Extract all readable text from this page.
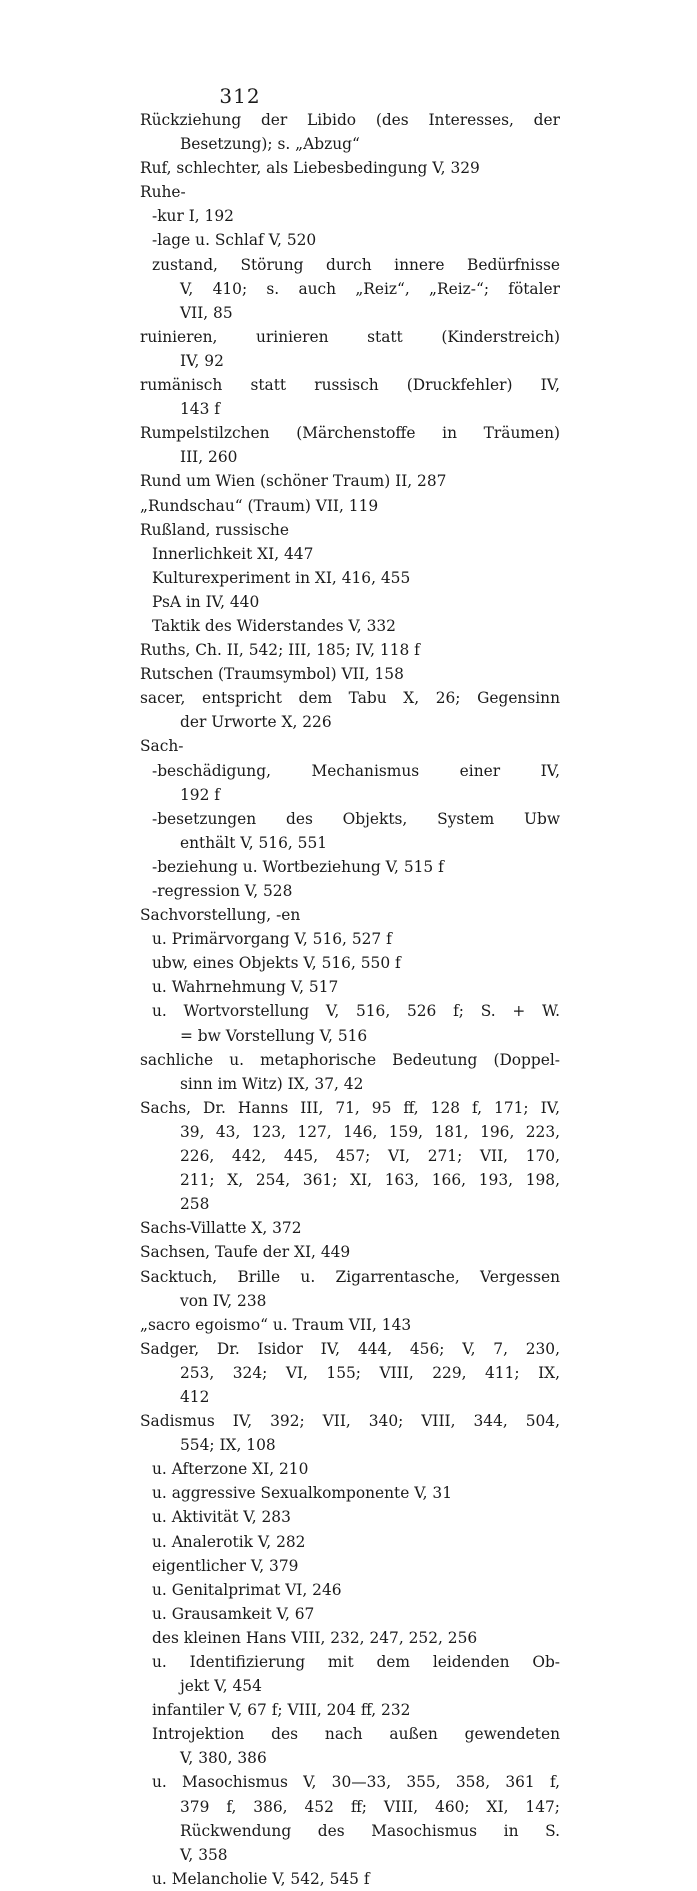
312
Rückziehung der Libido (des Interesses, der
Besetzung); s. „Abzug“
Ruf, schlechter, als Liebesbedingung V, 329
Ruhe-
-kur I, 192
-lage u. Schlaf V, 520
zustand, Störung durch innere Bedürfnisse
V, 410; s. auch „Reiz“, „Reiz-“; fötaler
VII, 85
ruinieren, urinieren statt (Kinderstreich)
IV, 92
rumänisch statt russisch (Druckfehler) IV,
143 f
Rumpelstilzchen (Märchenstoffe in Träumen)
III, 260
Rund um Wien (schöner Traum) II, 287
„Rundschau“ (Traum) VII, 119
Rußland, russische
Innerlichkeit XI, 447
Kulturexperiment in XI, 416, 455
PsA in IV, 440
Taktik des Widerstandes V, 332
Ruths, Ch. II, 542; III, 185; IV, 118 f
Rutschen (Traumsymbol) VII, 158
sacer, entspricht dem Tabu X, 26; Gegensinn
der Urworte X, 226
Sach-
-beschädigung, Mechanismus einer IV,
192 f
-besetzungen des Objekts, System Ubw
enthält V, 516, 551
-beziehung u. Wortbeziehung V, 515 f
-regression V, 528
Sachvorstellung, -en
u. Primärvorgang V, 516, 527 f
ubw, eines Objekts V, 516, 550 f
u. Wahrnehmung V, 517
u. Wortvorstellung V, 516, 526 f; S. + W.
= bw Vorstellung V, 516
sachliche u. metaphorische Bedeutung (Doppel-
sinn im Witz) IX, 37, 42
Sachs, Dr. Hanns III, 71, 95 ff, 128 f, 171; IV,
39, 43, 123, 127, 146, 159, 181, 196, 223,
226, 442, 445, 457; VI, 271; VII, 170,
211; X, 254, 361; XI, 163, 166, 193, 198,
258
Sachs-Villatte X, 372
Sachsen, Taufe der XI, 449
Sacktuch, Brille u. Zigarrentasche, Vergessen
von IV, 238
„sacro egoismo“ u. Traum VII, 143
Sadger, Dr. Isidor IV, 444, 456; V, 7, 230,
253, 324; VI, 155; VIII, 229, 411; IX,
412
Sadismus IV, 392; VII, 340; VIII, 344, 504,
554; IX, 108
u. Afterzone XI, 210
u. aggressive Sexualkomponente V, 31
u. Aktivität V, 283
u. Analerotik V, 282
eigentlicher V, 379
u. Genitalprimat VI, 246
u. Grausamkeit V, 67
des kleinen Hans VIII, 232, 247, 252, 256
u. Identifizierung mit dem leidenden Ob-
jekt V, 454
infantiler V, 67 f; VIII, 204 ff, 232
Introjektion des nach außen gewendeten
V, 380, 386
u. Masochismus V, 30—33, 355, 358, 361 f,
379 f, 386, 452 ff; VIII, 460; XI, 147;
Rückwendung des Masochismus in S.
V, 358
u. Melancholie V, 542, 545 f
